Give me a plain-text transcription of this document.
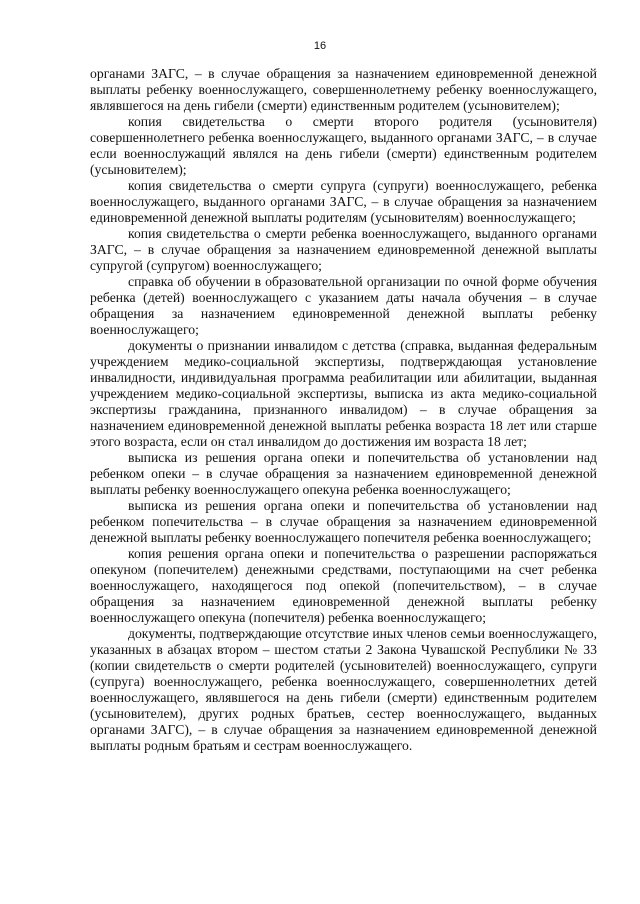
16

органами ЗАГС, – в случае обращения за назначением единовременной денежной выплаты ребенку военнослужащего, совершеннолетнему ребенку военнослужащего, являвшегося на день гибели (смерти) единственным родителем (усыновителем);

копия свидетельства о смерти второго родителя (усыновителя) совершеннолетнего ребенка военнослужащего, выданного органами ЗАГС, – в случае если военнослужащий являлся на день гибели (смерти) единственным родителем (усыновителем);

копия свидетельства о смерти супруга (супруги) военнослужащего, ребенка военнослужащего, выданного органами ЗАГС, – в случае обращения за назначением единовременной денежной выплаты родителям (усыновителям) военнослужащего;

копия свидетельства о смерти ребенка военнослужащего, выданного органами ЗАГС, – в случае обращения за назначением единовременной денежной выплаты супругой (супругом) военнослужащего;

справка об обучении в образовательной организации по очной форме обучения ребенка (детей) военнослужащего с указанием даты начала обучения – в случае обращения за назначением единовременной денежной выплаты ребенку военнослужащего;

документы о признании инвалидом с детства (справка, выданная федеральным учреждением медико-социальной экспертизы, подтверждающая установление инвалидности, индивидуальная программа реабилитации или абилитации, выданная учреждением медико-социальной экспертизы, выписка из акта медико-социальной экспертизы гражданина, признанного инвалидом) – в случае обращения за назначением единовременной денежной выплаты ребенка возраста 18 лет или старше этого возраста, если он стал инвалидом до достижения им возраста 18 лет;

выписка из решения органа опеки и попечительства об установлении над ребенком опеки – в случае обращения за назначением единовременной денежной выплаты ребенку военнослужащего опекуна ребенка военнослужащего;

выписка из решения органа опеки и попечительства об установлении над ребенком попечительства – в случае обращения за назначением единовременной денежной выплаты ребенку военнослужащего попечителя ребенка военнослужащего;

копия решения органа опеки и попечительства о разрешении распоряжаться опекуном (попечителем) денежными средствами, поступающими на счет ребенка военнослужащего, находящегося под опекой (попечительством), – в случае обращения за назначением единовременной денежной выплаты ребенку военнослужащего опекуна (попечителя) ребенка военнослужащего;

документы, подтверждающие отсутствие иных членов семьи военнослужащего, указанных в абзацах втором – шестом статьи 2 Закона Чувашской Республики № 33 (копии свидетельств о смерти родителей (усыновителей) военнослужащего, супруги (супруга) военнослужащего, ребенка военнослужащего, совершеннолетних детей военнослужащего, являвшегося на день гибели (смерти) единственным родителем (усыновителем), других родных братьев, сестер военнослужащего, выданных органами ЗАГС), – в случае обращения за назначением единовременной денежной выплаты родным братьям и сестрам военнослужащего.
